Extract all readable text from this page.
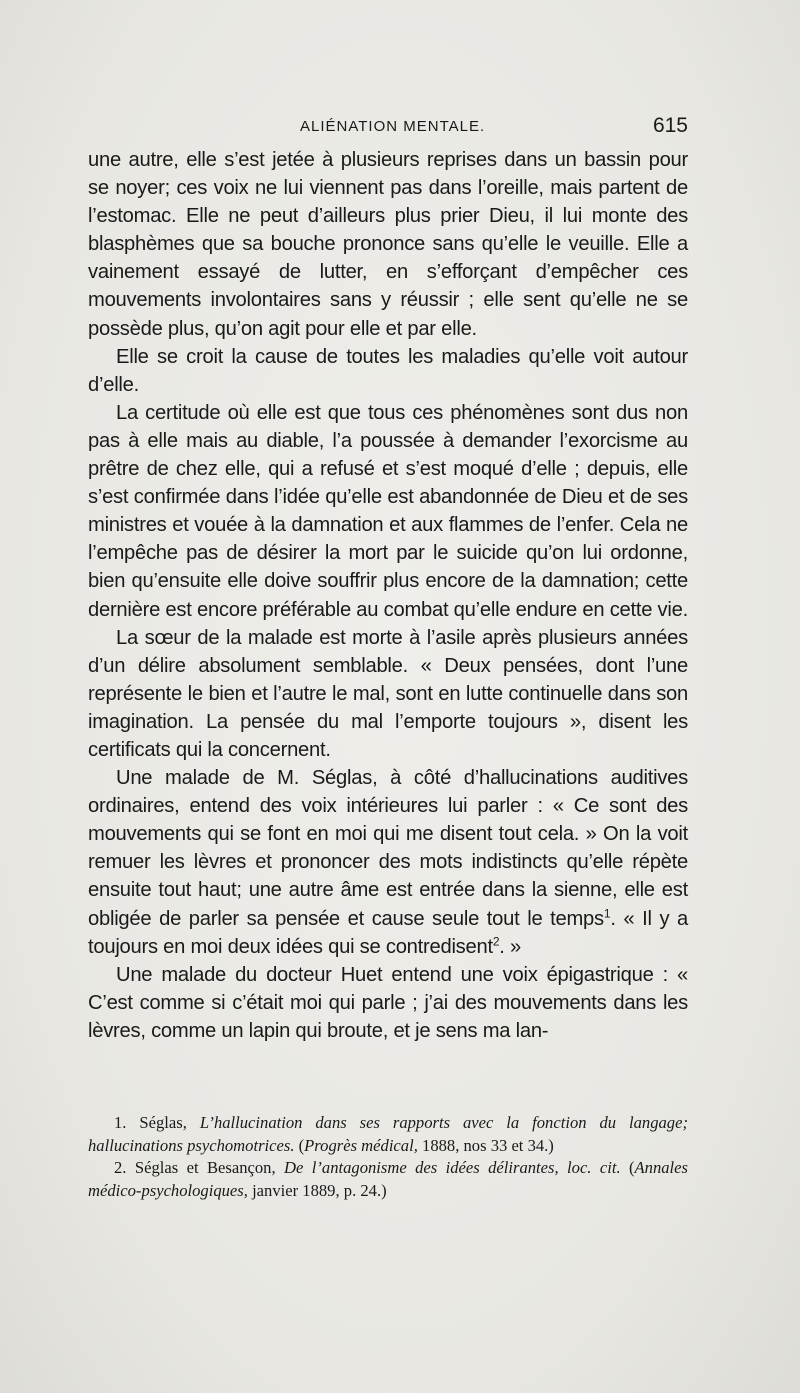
ALIÉNATION MENTALE.	615

une autre, elle s’est jetée à plusieurs reprises dans un bassin pour se noyer; ces voix ne lui viennent pas dans l’oreille, mais partent de l’estomac. Elle ne peut d’ailleurs plus prier Dieu, il lui monte des blasphèmes que sa bouche prononce sans qu’elle le veuille. Elle a vainement essayé de lutter, en s’efforçant d’empêcher ces mouvements involontaires sans y réussir ; elle sent qu’elle ne se possède plus, qu’on agit pour elle et par elle.

Elle se croit la cause de toutes les maladies qu’elle voit autour d’elle.

La certitude où elle est que tous ces phénomènes sont dus non pas à elle mais au diable, l’a poussée à demander l’exorcisme au prêtre de chez elle, qui a refusé et s’est moqué d’elle ; depuis, elle s’est confirmée dans l’idée qu’elle est abandonnée de Dieu et de ses ministres et vouée à la damnation et aux flammes de l’enfer. Cela ne l’empêche pas de désirer la mort par le suicide qu’on lui ordonne, bien qu’ensuite elle doive souffrir plus encore de la damnation; cette dernière est encore préférable au combat qu’elle endure en cette vie.

La sœur de la malade est morte à l’asile après plusieurs années d’un délire absolument semblable. « Deux pensées, dont l’une représente le bien et l’autre le mal, sont en lutte continuelle dans son imagination. La pensée du mal l’emporte toujours », disent les certificats qui la concernent.

Une malade de M. Séglas, à côté d’hallucinations auditives ordinaires, entend des voix intérieures lui parler : « Ce sont des mouvements qui se font en moi qui me disent tout cela. » On la voit remuer les lèvres et prononcer des mots indistincts qu’elle répète ensuite tout haut; une autre âme est entrée dans la sienne, elle est obligée de parler sa pensée et cause seule tout le temps$^1$. « Il y a toujours en moi deux idées qui se contredisent$^2$. »

Une malade du docteur Huet entend une voix épigastrique : « C’est comme si c’était moi qui parle ; j’ai des mouvements dans les lèvres, comme un lapin qui broute, et je sens ma lan-

1. Séglas, L’hallucination dans ses rapports avec la fonction du langage; hallucinations psychomotrices. (Progrès médical, 1888, nos 33 et 34.)

2. Séglas et Besançon, De l’antagonisme des idées délirantes, loc. cit. (Annales médico-psychologiques, janvier 1889, p. 24.)
